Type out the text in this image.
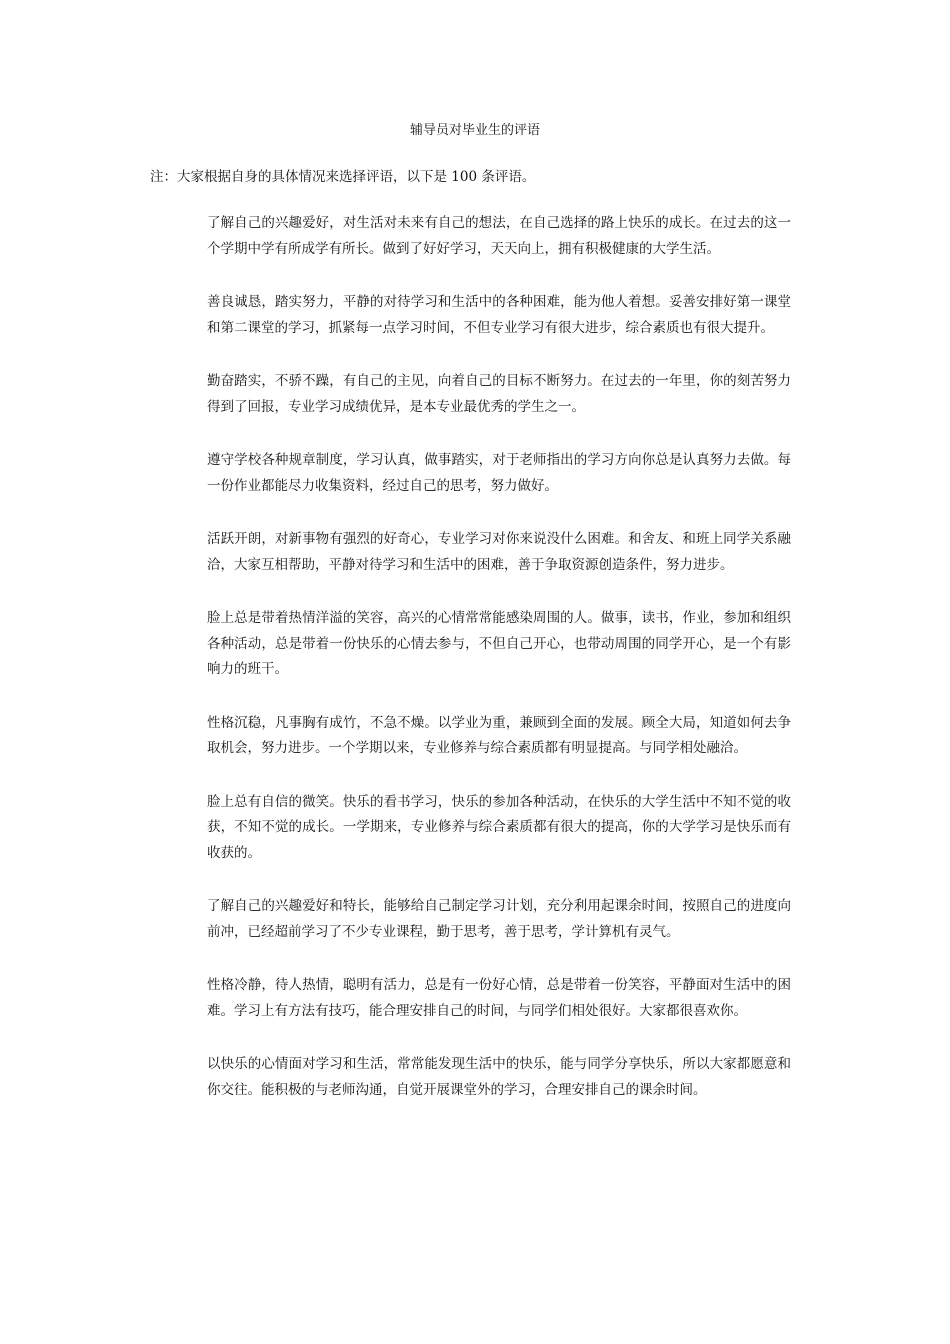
辅导员对毕业生的评语
注：大家根据自身的具体情况来选择评语，以下是 100 条评语。
了解自己的兴趣爱好，对生活对未来有自己的想法，在自己选择的路上快乐的成长。在过去的这一个学期中学有所成学有所长。做到了好好学习，天天向上，拥有积极健康的大学生活。
善良诚恳，踏实努力，平静的对待学习和生活中的各种困难，能为他人着想。妥善安排好第一课堂和第二课堂的学习，抓紧每一点学习时间，不但专业学习有很大进步，综合素质也有很大提升。
勤奋踏实，不骄不躁，有自己的主见，向着自己的目标不断努力。在过去的一年里，你的刻苦努力得到了回报，专业学习成绩优异，是本专业最优秀的学生之一。
遵守学校各种规章制度，学习认真，做事踏实，对于老师指出的学习方向你总是认真努力去做。每一份作业都能尽力收集资料，经过自己的思考，努力做好。
活跃开朗，对新事物有强烈的好奇心，专业学习对你来说没什么困难。和舍友、和班上同学关系融洽，大家互相帮助，平静对待学习和生活中的困难，善于争取资源创造条件，努力进步。
脸上总是带着热情洋溢的笑容，高兴的心情常常能感染周围的人。做事，读书，作业，参加和组织各种活动，总是带着一份快乐的心情去参与，不但自己开心，也带动周围的同学开心，是一个有影响力的班干。
性格沉稳，凡事胸有成竹，不急不燥。以学业为重，兼顾到全面的发展。顾全大局，知道如何去争取机会，努力进步。一个学期以来，专业修养与综合素质都有明显提高。与同学相处融洽。
脸上总有自信的微笑。快乐的看书学习，快乐的参加各种活动，在快乐的大学生活中不知不觉的收获，不知不觉的成长。一学期来，专业修养与综合素质都有很大的提高，你的大学学习是快乐而有收获的。
了解自己的兴趣爱好和特长，能够给自己制定学习计划，充分利用起课余时间，按照自己的进度向前冲，已经超前学习了不少专业课程，勤于思考，善于思考，学计算机有灵气。
性格冷静，待人热情，聪明有活力，总是有一份好心情，总是带着一份笑容，平静面对生活中的困难。学习上有方法有技巧，能合理安排自己的时间，与同学们相处很好。大家都很喜欢你。
以快乐的心情面对学习和生活，常常能发现生活中的快乐，能与同学分享快乐，所以大家都愿意和你交往。能积极的与老师沟通，自觉开展课堂外的学习，合理安排自己的课余时间。
